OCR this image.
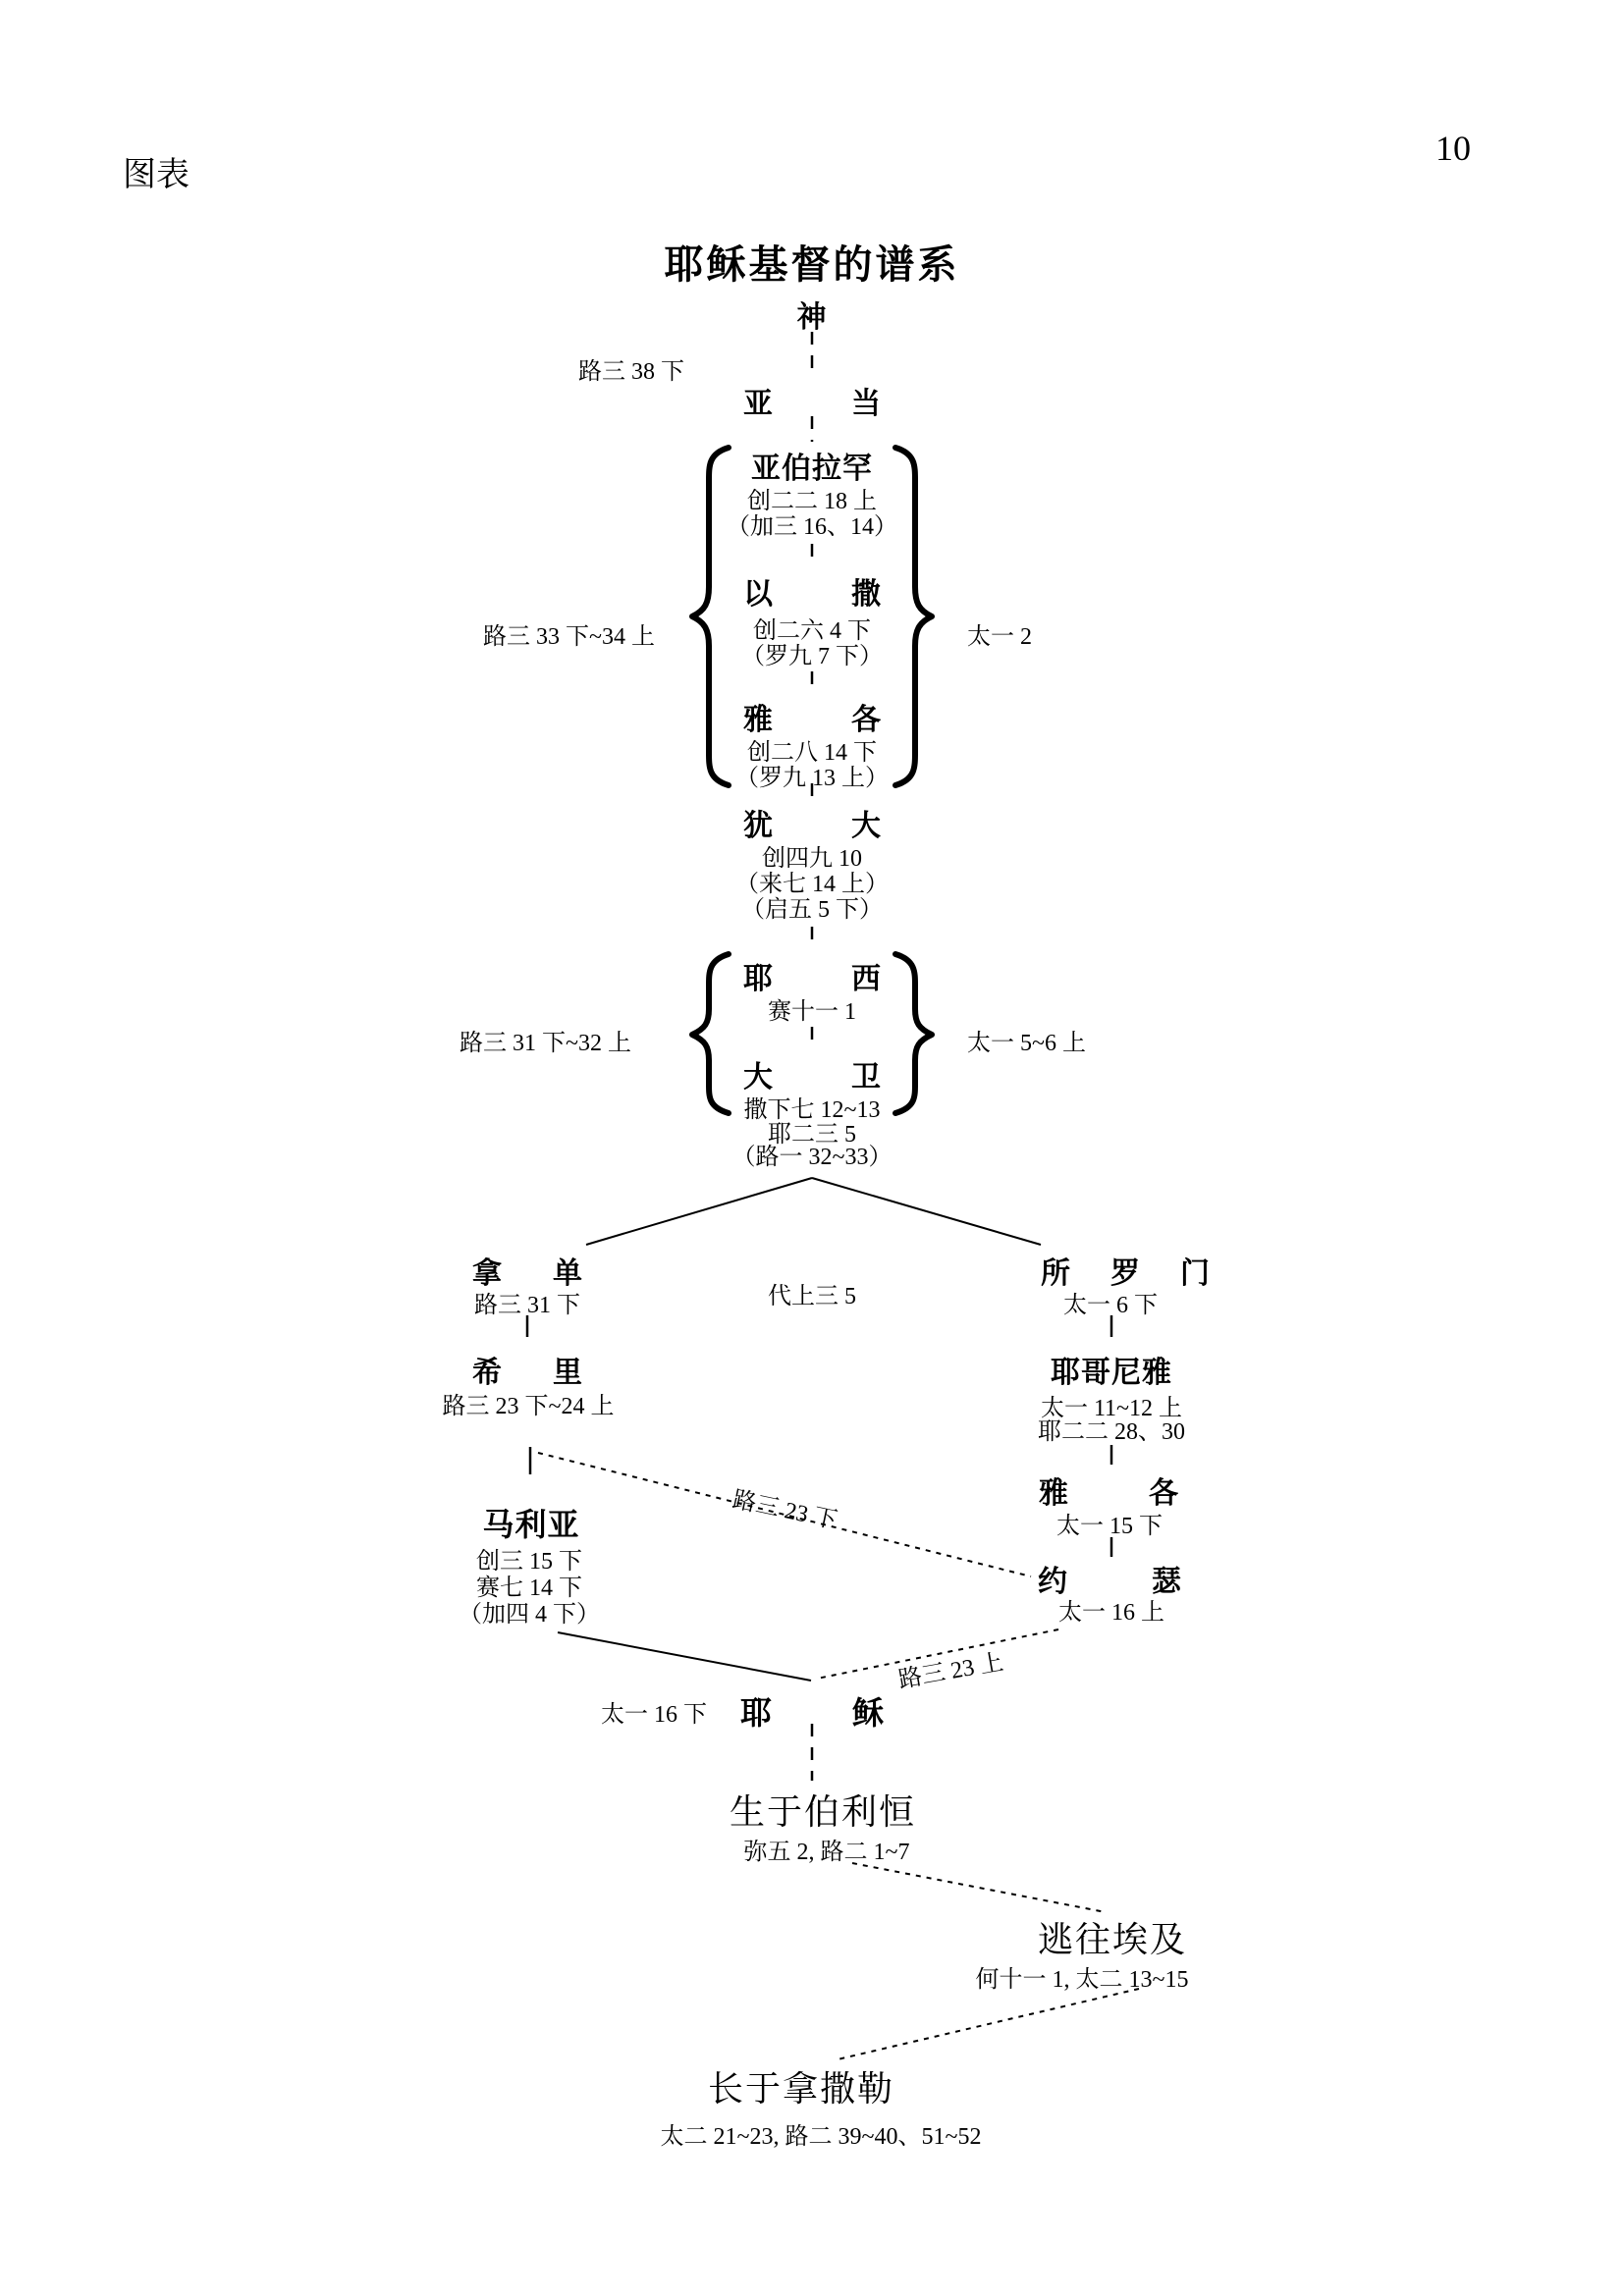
图表
10
耶稣基督的谱系
神
路三 38 下
亚当
亚伯拉罕
创二二 18 上
（加三 16、14）
以撒
创二六 4 下
（罗九 7 下）
雅各
创二八 14 下
（罗九 13 上）
路三 33 下~34 上	太一 2
犹大
创四九 10
（来七 14 上）
（启五 5 下）
耶西
赛十一 1
大卫
撒下七 12~13
耶二三 5
（路一 32~33）
路三 31 下~32 上	太一 5~6 上
代上三 5
拿单
路三 31 下
希里
路三 23 下~24 上
马利亚
创三 15 下
赛七 14 下
（加四 4 下）
所罗门
太一 6 下
耶哥尼雅
太一 11~12 上
耶二二 28、30
雅各
太一 15 下
约瑟
太一 16 上
路三 23 下
路三 23 上
太一 16 下 耶稣
生于伯利恒
弥五 2, 路二 1~7
逃往埃及
何十一 1, 太二 13~15
长于拿撒勒
太二 21~23, 路二 39~40、51~52
